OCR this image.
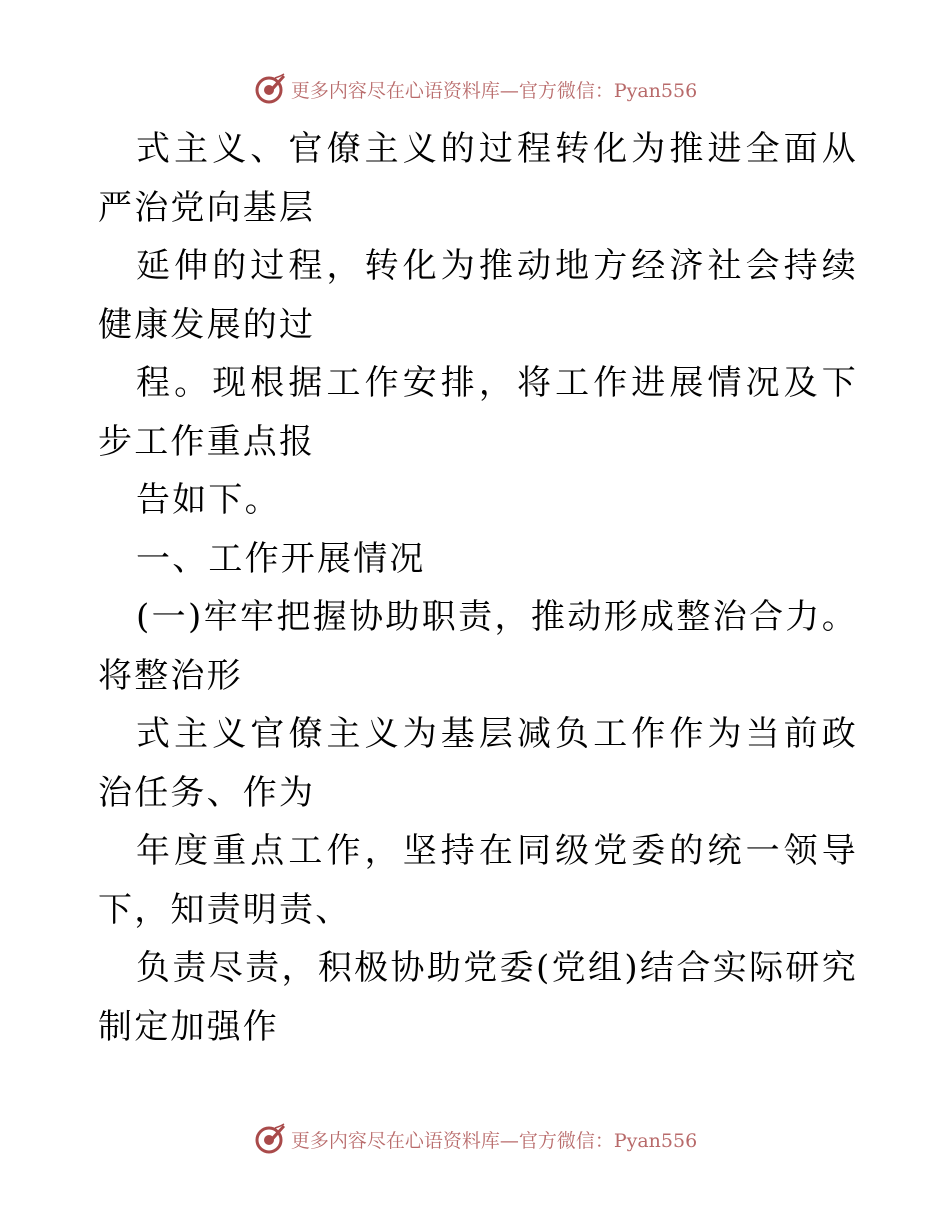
更多内容尽在心语资料库—官方微信：Pyan556

式主义、官僚主义的过程转化为推进全面从严治党向基层

延伸的过程，转化为推动地方经济社会持续健康发展的过

程。现根据工作安排，将工作进展情况及下步工作重点报

告如下。

一、工作开展情况

(一)牢牢把握协助职责，推动形成整治合力。将整治形

式主义官僚主义为基层减负工作作为当前政治任务、作为

年度重点工作，坚持在同级党委的统一领导下，知责明责、

负责尽责，积极协助党委(党组)结合实际研究制定加强作

更多内容尽在心语资料库—官方微信：Pyan556
